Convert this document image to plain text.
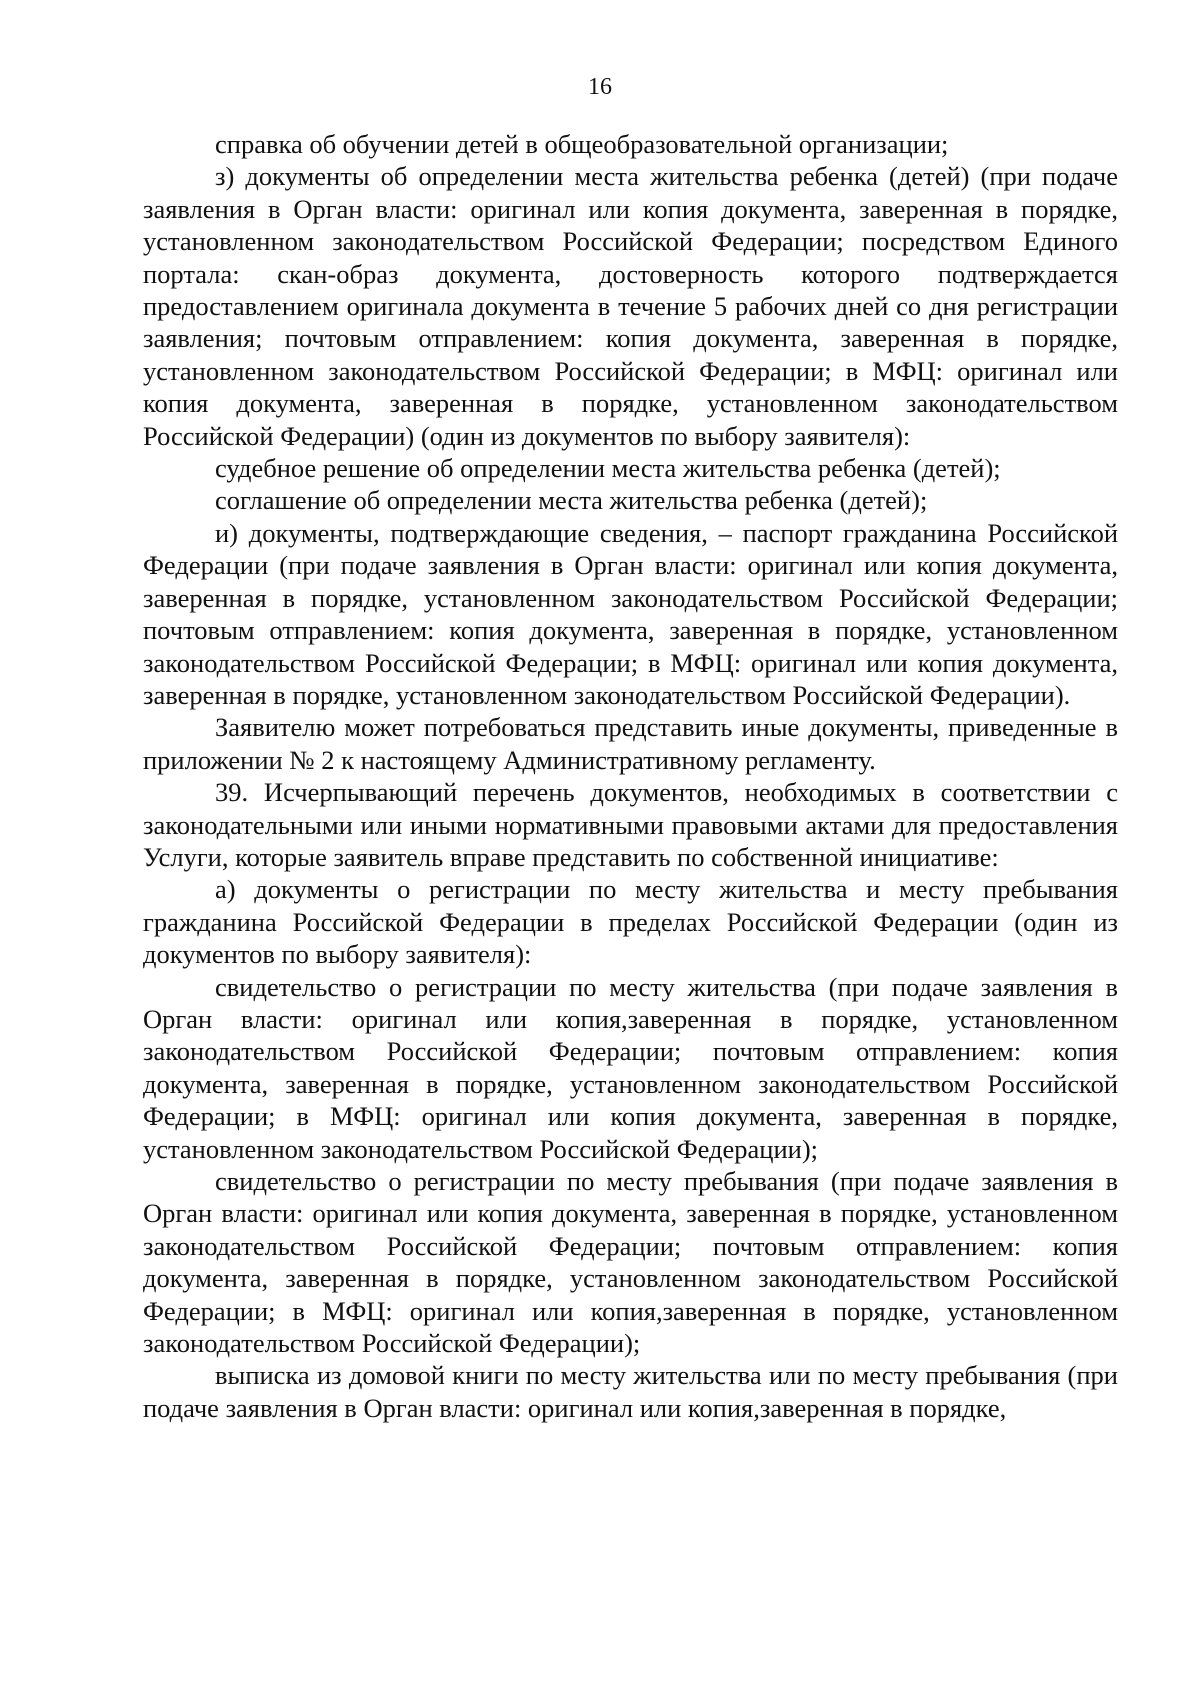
16

справка об обучении детей в общеобразовательной организации;

з) документы об определении места жительства ребенка (детей) (при подаче заявления в Орган власти: оригинал или копия документа, заверенная в порядке, установленном законодательством Российской Федерации; посредством Единого портала: скан-образ документа, достоверность которого подтверждается предоставлением оригинала документа в течение 5 рабочих дней со дня регистрации заявления; почтовым отправлением: копия документа, заверенная в порядке, установленном законодательством Российской Федерации; в МФЦ: оригинал или копия документа, заверенная в порядке, установленном законодательством Российской Федерации) (один из документов по выбору заявителя):

судебное решение об определении места жительства ребенка (детей);

соглашение об определении места жительства ребенка (детей);

и) документы, подтверждающие сведения, – паспорт гражданина Российской Федерации (при подаче заявления в Орган власти: оригинал или копия документа, заверенная в порядке, установленном законодательством Российской Федерации; почтовым отправлением: копия документа, заверенная в порядке, установленном законодательством Российской Федерации; в МФЦ: оригинал или копия документа, заверенная в порядке, установленном законодательством Российской Федерации).

Заявителю может потребоваться представить иные документы, приведенные в приложении № 2 к настоящему Административному регламенту.

39. Исчерпывающий перечень документов, необходимых в соответствии с законодательными или иными нормативными правовыми актами для предоставления Услуги, которые заявитель вправе представить по собственной инициативе:

а) документы о регистрации по месту жительства и месту пребывания гражданина Российской Федерации в пределах Российской Федерации (один из документов по выбору заявителя):

свидетельство о регистрации по месту жительства (при подаче заявления в Орган власти: оригинал или копия,заверенная в порядке, установленном законодательством Российской Федерации; почтовым отправлением: копия документа, заверенная в порядке, установленном законодательством Российской Федерации; в МФЦ: оригинал или копия документа, заверенная в порядке, установленном законодательством Российской Федерации);

свидетельство о регистрации по месту пребывания (при подаче заявления в Орган власти: оригинал или копия документа, заверенная в порядке, установленном законодательством Российской Федерации; почтовым отправлением: копия документа, заверенная в порядке, установленном законодательством Российской Федерации; в МФЦ: оригинал или копия,заверенная в порядке, установленном законодательством Российской Федерации);

выписка из домовой книги по месту жительства или по месту пребывания (при подаче заявления в Орган власти: оригинал или копия,заверенная в порядке,
